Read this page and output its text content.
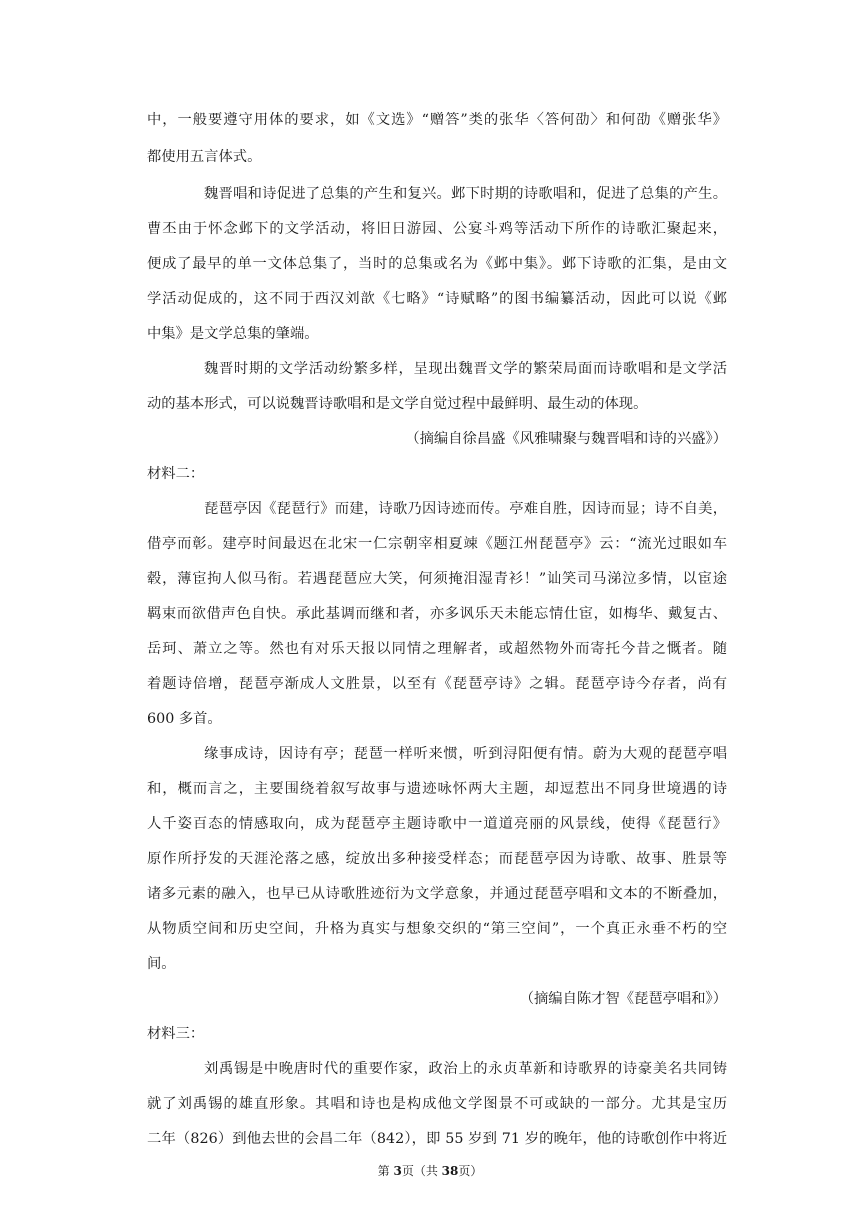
中，一般要遵守用体的要求，如《文选》“赠答”类的张华〈答何劭〉和何劭《赠张华》
都使用五言体式。
魏晋唱和诗促进了总集的产生和复兴。邺下时期的诗歌唱和，促进了总集的产生。
曹丕由于怀念邺下的文学活动，将旧日游园、公宴斗鸡等活动下所作的诗歌汇聚起来，
便成了最早的单一文体总集了，当时的总集或名为《邺中集》。邺下诗歌的汇集，是由文
学活动促成的，这不同于西汉刘歆《七略》“诗赋略”的图书编纂活动，因此可以说《邺
中集》是文学总集的肇端。
魏晋时期的文学活动纷繁多样，呈现出魏晋文学的繁荣局面而诗歌唱和是文学活
动的基本形式，可以说魏晋诗歌唱和是文学自觉过程中最鲜明、最生动的体现。
（摘编自徐昌盛《风雅啸聚与魏晋唱和诗的兴盛》）
材料二：
琵琶亭因《琵琶行》而建，诗歌乃因诗迹而传。亭难自胜，因诗而显；诗不自美，
借亭而彰。建亭时间最迟在北宋一仁宗朝宰相夏竦《题江州琵琶亭》云：“流光过眼如车
毂，薄宦拘人似马衔。若遇琵琶应大笑，何须掩泪湿青衫！”讪笑司马涕泣多情，以宦途
羁束而欲借声色自快。承此基调而继和者，亦多讽乐天未能忘情仕宦，如梅华、戴复古、
岳珂、萧立之等。然也有对乐天报以同情之理解者，或超然物外而寄托今昔之慨者。随
着题诗倍增，琵琶亭渐成人文胜景，以至有《琵琶亭诗》之辑。琵琶亭诗今存者，尚有
600 多首。
缘事成诗，因诗有亭；琵琶一样听来惯，听到浔阳便有情。蔚为大观的琵琶亭唱
和，概而言之，主要围绕着叙写故事与遗迹咏怀两大主题，却逗惹出不同身世境遇的诗
人千姿百态的情感取向，成为琵琶亭主题诗歌中一道道亮丽的风景线，使得《琵琶行》
原作所抒发的天涯沦落之感，绽放出多种接受样态；而琵琶亭因为诗歌、故事、胜景等
诸多元素的融入，也早已从诗歌胜迹衍为文学意象，并通过琵琶亭唱和文本的不断叠加，
从物质空间和历史空间，升格为真实与想象交织的“第三空间”，一个真正永垂不朽的空
间。
（摘编自陈才智《琵琶亭唱和》）
材料三：
刘禹锡是中晚唐时代的重要作家，政治上的永贞革新和诗歌界的诗豪美名共同铸
就了刘禹锡的雄直形象。其唱和诗也是构成他文学图景不可或缺的一部分。尤其是宝历
二年（826）到他去世的会昌二年（842），即 55 岁到 71 岁的晚年，他的诗歌创作中将近
第 3页（共 38页）
